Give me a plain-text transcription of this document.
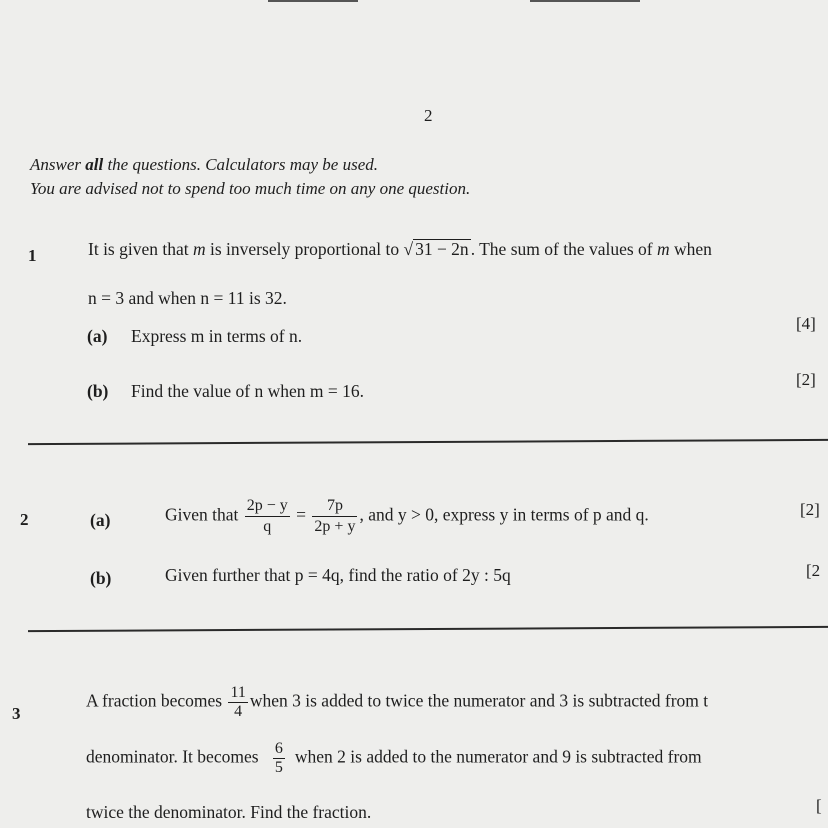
2
Answer all the questions. Calculators may be used.
You are advised not to spend too much time on any one question.
1	It is given that m is inversely proportional to √ 31 − 2n . The sum of the values of m when
n = 3 and when n = 11 is 32.
(a) Express m in terms of n.
[4]
(b) Find the value of n when m = 16.
[2]
2	(a)	Given that $\frac{2p - y}{q} = \frac{7p}{2p + y}$ , and y > 0, express y in terms of p and q.	[2]
(b)	Given further that p = 4q, find the ratio of 2y : 5q	[2
3
A fraction becomes $\frac{11}{4}$ when 3 is added to twice the numerator and 3 is subtracted from t
denominator. It becomes $\frac{6}{5}$ when 2 is added to the numerator and 9 is subtracted from
twice the denominator. Find the fraction.	[
